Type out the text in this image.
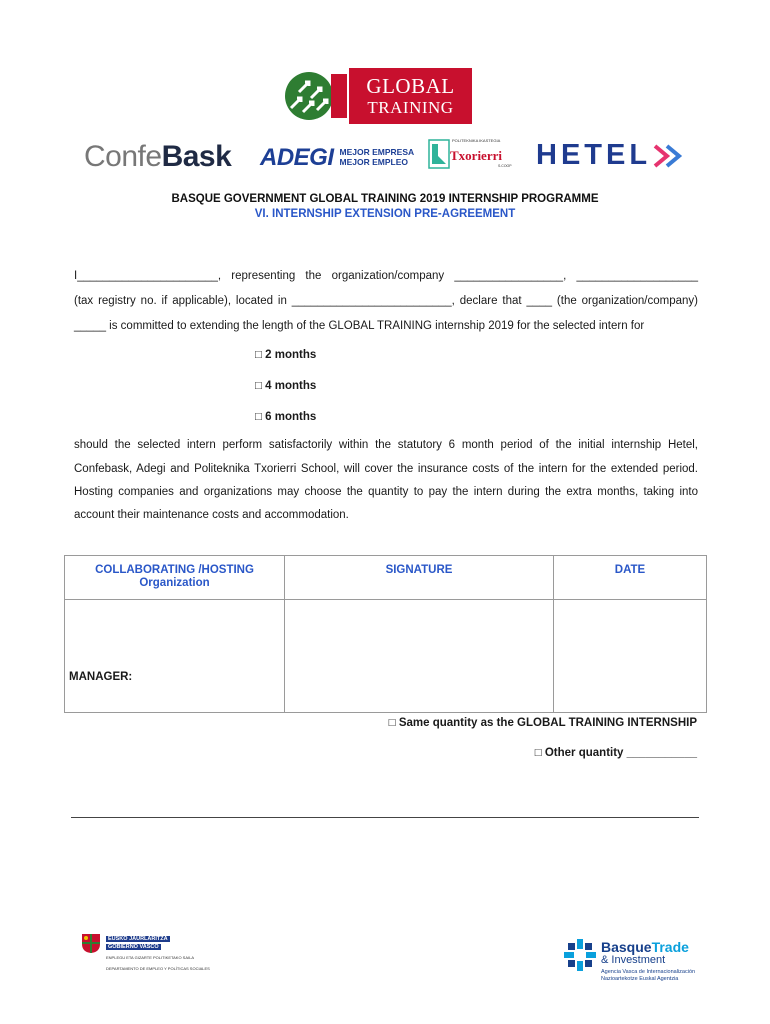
GLOBAL
TRAINING
ConfeBask ADEGI MEJOR EMPRESA
MEJOR EMPLEO
POLITEKNIKA IKASTEGIA
Txorierri
S.COOP HETEL
BASQUE GOVERNMENT GLOBAL TRAINING 2019 INTERNSHIP PROGRAMME
VI. INTERNSHIP EXTENSION PRE-AGREEMENT
I______________________, representing the organization/company _________________, ___________________
(tax registry no. if applicable), located in _________________________, declare that ____ (the organization/company)
_____ is committed to extending the length of the GLOBAL TRAINING internship 2019 for the selected intern for
□ 2 months
□ 4 months
□ 6 months
should the selected intern perform satisfactorily within the statutory 6 month period of the initial internship Hetel,
Confebask, Adegi and Politeknika Txorierri School, will cover the insurance costs of the intern for the extended period.
Hosting companies and organizations may choose the quantity to pay the intern during the extra months, taking into
account their maintenance costs and accommodation.
COLLABORATING /HOSTING
Organization	SIGNATURE	DATE

MANAGER:		

□ Same quantity as the GLOBAL TRAINING INTERNSHIP
□ Other quantity ___________
EUSKO JAURLARITZA
GOBIERNO VASCO
ENPLEGU ETA GIZARTE POLITIKETAKO SAILA
DEPARTAMENTO DE EMPLEO Y POLÍTICAS SOCIALES
BasqueTrade
& Investment
Agencia Vasca de Internacionalización
Nazioartekotze Euskal Agentzia
